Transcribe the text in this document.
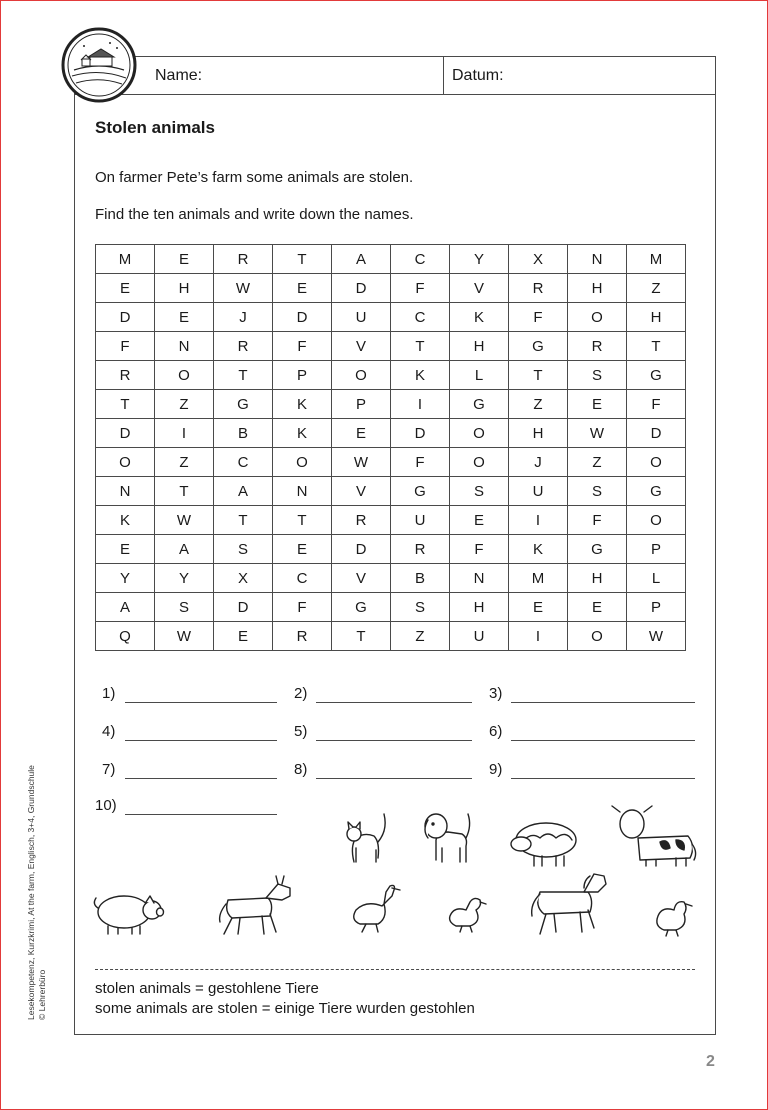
Name:	Datum:
Stolen animals
On farmer Pete’s farm some animals are stolen.
Find the ten animals and write down the names.
M	E	R	T	A	C	Y	X	N	M
E	H	W	E	D	F	V	R	H	Z
D	E	J	D	U	C	K	F	O	H
F	N	R	F	V	T	H	G	R	T
R	O	T	P	O	K	L	T	S	G
T	Z	G	K	P	I	G	Z	E	F
D	I	B	K	E	D	O	H	W	D
O	Z	C	O	W	F	O	J	Z	O
N	T	A	N	V	G	S	U	S	G
K	W	T	T	R	U	E	I	F	O
E	A	S	E	D	R	F	K	G	P
Y	Y	X	C	V	B	N	M	H	L
A	S	D	F	G	S	H	E	E	P
Q	W	E	R	T	Z	U	I	O	W
1)	2)	3)
4)	5)	6)
7)	8)	9)
10)
stolen animals = gestohlene Tiere
some animals are stolen = einige Tiere wurden gestohlen
Lesekompetenz, Kurzkrimi, At the farm, Englisch, 3+4, Grundschule © Lehrerbüro
2
